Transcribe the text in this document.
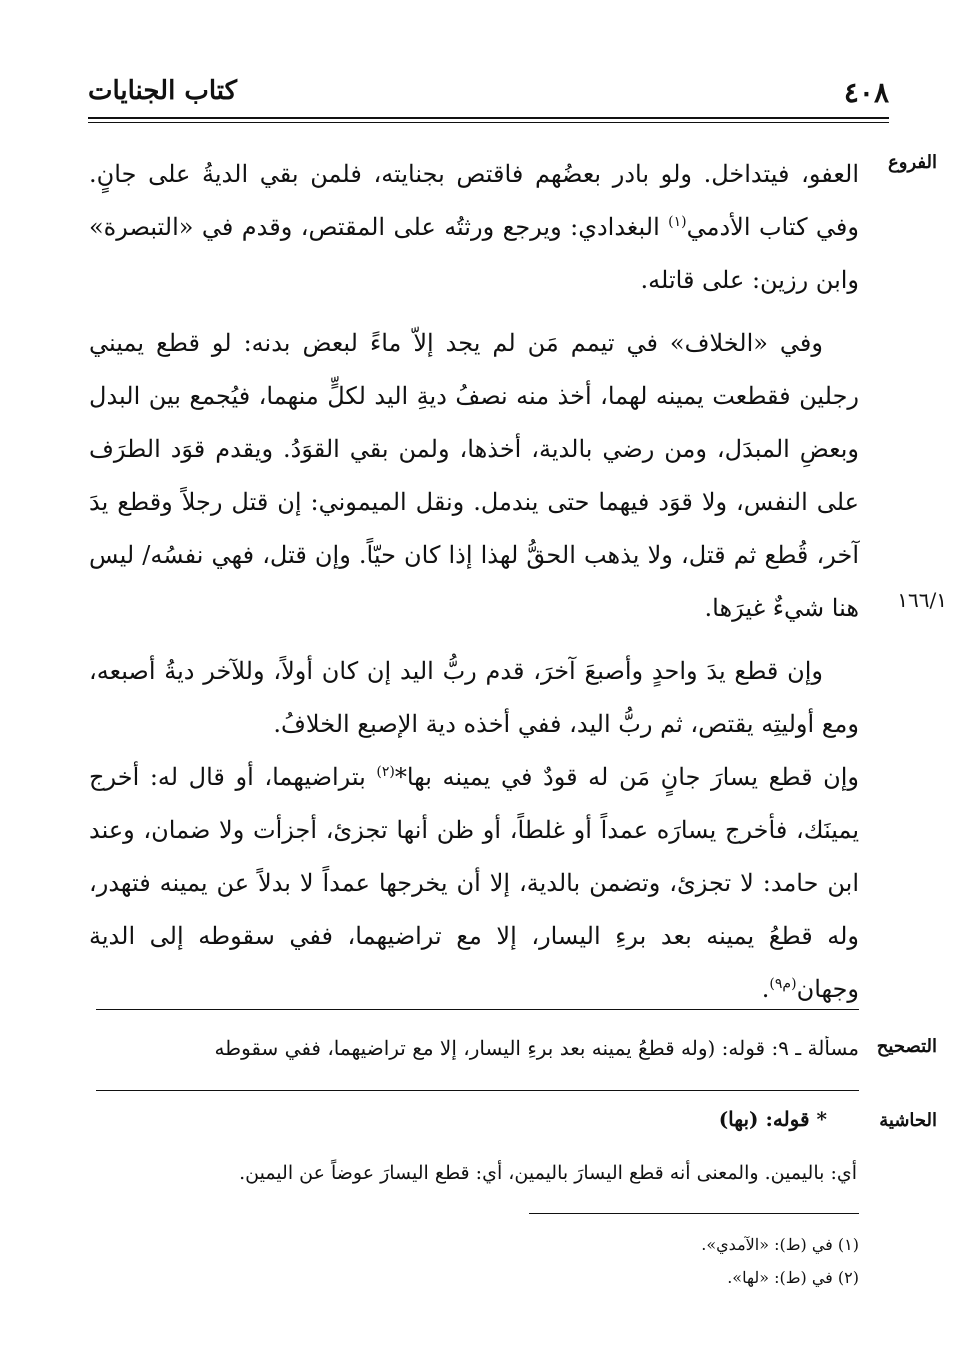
٤٠٨
كتاب الجنايات
الفروع
١٦٦/١

العفو، فيتداخل. ولو بادر بعضُهم فاقتص بجنايته، فلمن بقي الديةُ على جانٍ. وفي كتاب الأدمي$^{(١)}$ البغدادي: ويرجع ورثتُه على المقتص، وقدم في «التبصرة» وابن رزين: على قاتله.

وفي «الخلاف» في تيمم مَن لم يجد إلاّ ماءً لبعض بدنه: لو قطع يميني رجلين فقطعت يمينه لهما، أخذ منه نصفُ ديةِ اليد لكلٍّ منهما، فيُجمع بين البدل وبعضِ المبدَل، ومن رضي بالدية، أخذها، ولمن بقي القوَدُ. ويقدم قوَد الطرَف على النفس، ولا قوَد فيهما حتى يندمل. ونقل الميموني: إن قتل رجلاً وقطع يدَ آخر، قُطع ثم قتل، ولا يذهب الحقُّ لهذا إذا كان حيّاً. وإن قتل، فهي نفسُه/ ليس هنا شيءٌ غيرَها.

وإن قطع يدَ واحدٍ وأصبعَ آخرَ، قدم ربُّ اليد إن كان أولاً، وللآخر ديةُ أصبعه، ومع أوليتِه يقتص، ثم ربُّ اليد، ففي أخذه دية الإصبع الخلافُ.

وإن قطع يسارَ جانٍ مَن له قودٌ في يمينه بها*$^{(٢)}$ بتراضيهما، أو قال له: أخرج يمينَك، فأخرج يسارَه عمداً أو غلطاً، أو ظن أنها تجزئ، أجزأت ولا ضمان، وعند ابن حامد: لا تجزئ، وتضمن بالدية، إلا أن يخرجها عمداً لا بدلاً عن يمينه فتهدر، وله قطعُ يمينه بعد برءِ اليسار، إلا مع تراضيهما، ففي سقوطه إلى الدية وجهان$^{(م٩)}$.

التصحيح
مسألة ـ ٩: قوله: (وله قطعُ يمينه بعد برءِ اليسار، إلا مع تراضيهما، ففي سقوطه
الحاشية
* قوله: (بها)
أي: باليمين. والمعنى أنه قطع اليسارَ باليمين، أي: قطع اليسارَ عوضاً عن اليمين.
(١) في (ط): «الآمدي».
(٢) في (ط): «لها».
